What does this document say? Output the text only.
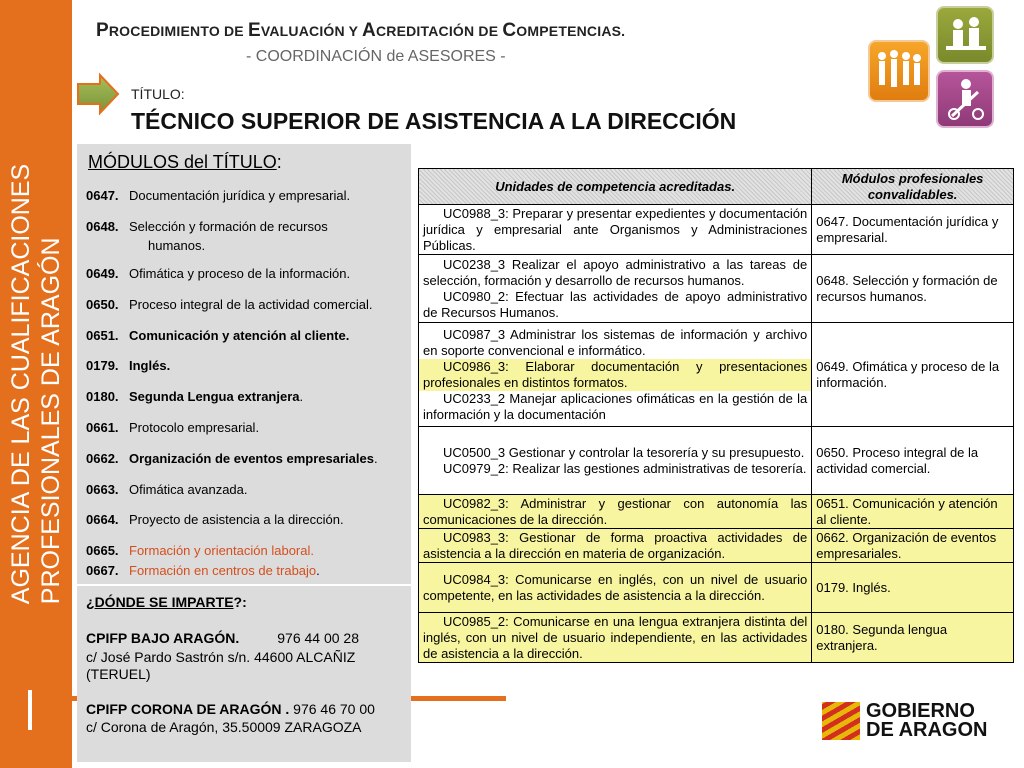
AGENCIA DE LAS CUALIFICACIONES PROFESIONALES DE ARAGÓN
PROCEDIMIENTO DE EVALUACIÓN Y ACREDITACIÓN DE COMPETENCIAS.
- COORDINACIÓN de ASESORES -
TÍTULO:
TÉCNICO SUPERIOR DE ASISTENCIA A LA DIRECCIÓN
MÓDULOS del TÍTULO:
0647. Documentación jurídica y empresarial.
0648. Selección y formación de recursos
humanos.
0649. Ofimática y proceso de la información.
0650. Proceso integral de la actividad comercial.
0651. Comunicación y atención al cliente.
0179. Inglés.
0180. Segunda Lengua extranjera.
0661. Protocolo empresarial.
0662. Organización de eventos empresariales.
0663. Ofimática avanzada.
0664. Proyecto de asistencia a la dirección.
0665. Formación y orientación laboral.
0667. Formación en centros de trabajo.
¿DÓNDE SE IMPARTE?:
CPIFP BAJO ARAGÓN.	976 44 00 28
c/ José Pardo Sastrón s/n. 44600 ALCAÑIZ
(TERUEL)
CPIFP CORONA DE ARAGÓN . 976 46 70 00
c/ Corona de Aragón, 35.50009 ZARAGOZA
Unidades de competencia acreditadas.	Módulos profesionales convalidables.

UC0988_3: Preparar y presentar expedientes y documentación jurídica y empresarial ante Organismos y Administraciones Públicas.	0647. Documentación jurídica y empresarial.

UC0238_3 Realizar el apoyo administrativo a las tareas de selección, formación y desarrollo de recursos humanos.

UC0980_2: Efectuar las actividades de apoyo administrativo de Recursos Humanos.	0648. Selección y formación de recursos humanos.

UC0987_3 Administrar los sistemas de información y archivo en soporte convencional e informático.

UC0986_3: Elaborar documentación y presentaciones profesionales en distintos formatos.

UC0233_2 Manejar aplicaciones ofimáticas en la gestión de la información y la documentación	0649. Ofimática y proceso de la información.

UC0500_3 Gestionar y controlar la tesorería y su presupuesto.

UC0979_2: Realizar las gestiones administrativas de tesorería.	0650. Proceso integral de la actividad comercial.

UC0982_3: Administrar y gestionar con autonomía las comunicaciones de la dirección.	0651. Comunicación y atención al cliente.

UC0983_3: Gestionar de forma proactiva actividades de asistencia a la dirección en materia de organización.	0662. Organización de eventos empresariales.

UC0984_3: Comunicarse en inglés, con un nivel de usuario competente, en las actividades de asistencia a la dirección.	0179. Inglés.

UC0985_2: Comunicarse en una lengua extranjera distinta del inglés, con un nivel de usuario independiente, en las actividades de asistencia a la dirección.	0180. Segunda lengua extranjera.
GOBIERNO
DE ARAGON
